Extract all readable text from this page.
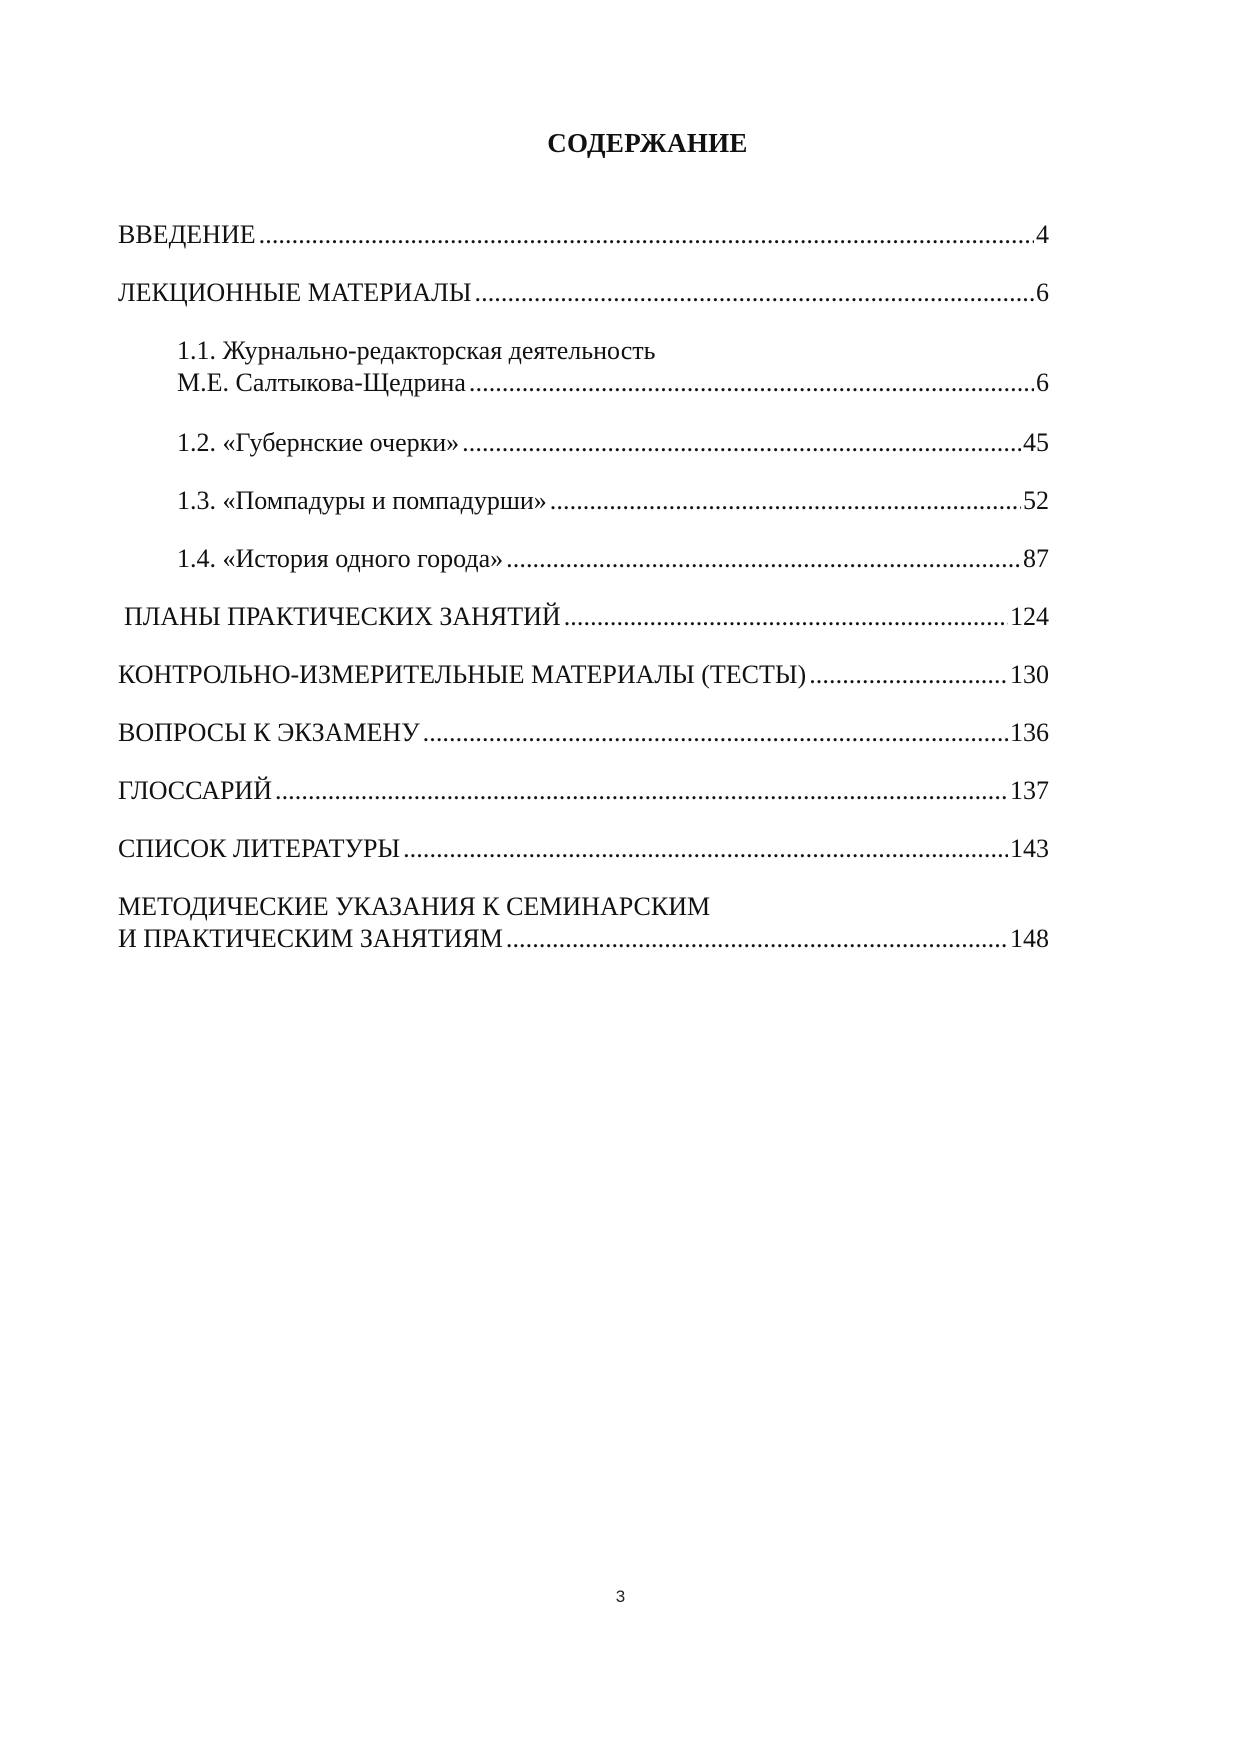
СОДЕРЖАНИЕ
ВВЕДЕНИЕ . . .	4
ЛЕКЦИОННЫЕ МАТЕРИАЛЫ . . .	6
1.1. Журнально-редакторская деятельность
М.Е. Салтыкова-Щедрина . . .	6
1.2. «Губернские очерки» . . .	45
1.3. «Помпадуры и помпадурши» . . .	52
1.4. «История одного города» . . .	87
ПЛАНЫ ПРАКТИЧЕСКИХ ЗАНЯТИЙ . . .	124
КОНТРОЛЬНО-ИЗМЕРИТЕЛЬНЫЕ МАТЕРИАЛЫ (ТЕСТЫ) . . .	130
ВОПРОСЫ К ЭКЗАМЕНУ . . .	136
ГЛОССАРИЙ . . .	137
СПИСОК ЛИТЕРАТУРЫ . . .	143
МЕТОДИЧЕСКИЕ УКАЗАНИЯ К СЕМИНАРСКИМ
И ПРАКТИЧЕСКИМ ЗАНЯТИЯМ . . .	148
3
